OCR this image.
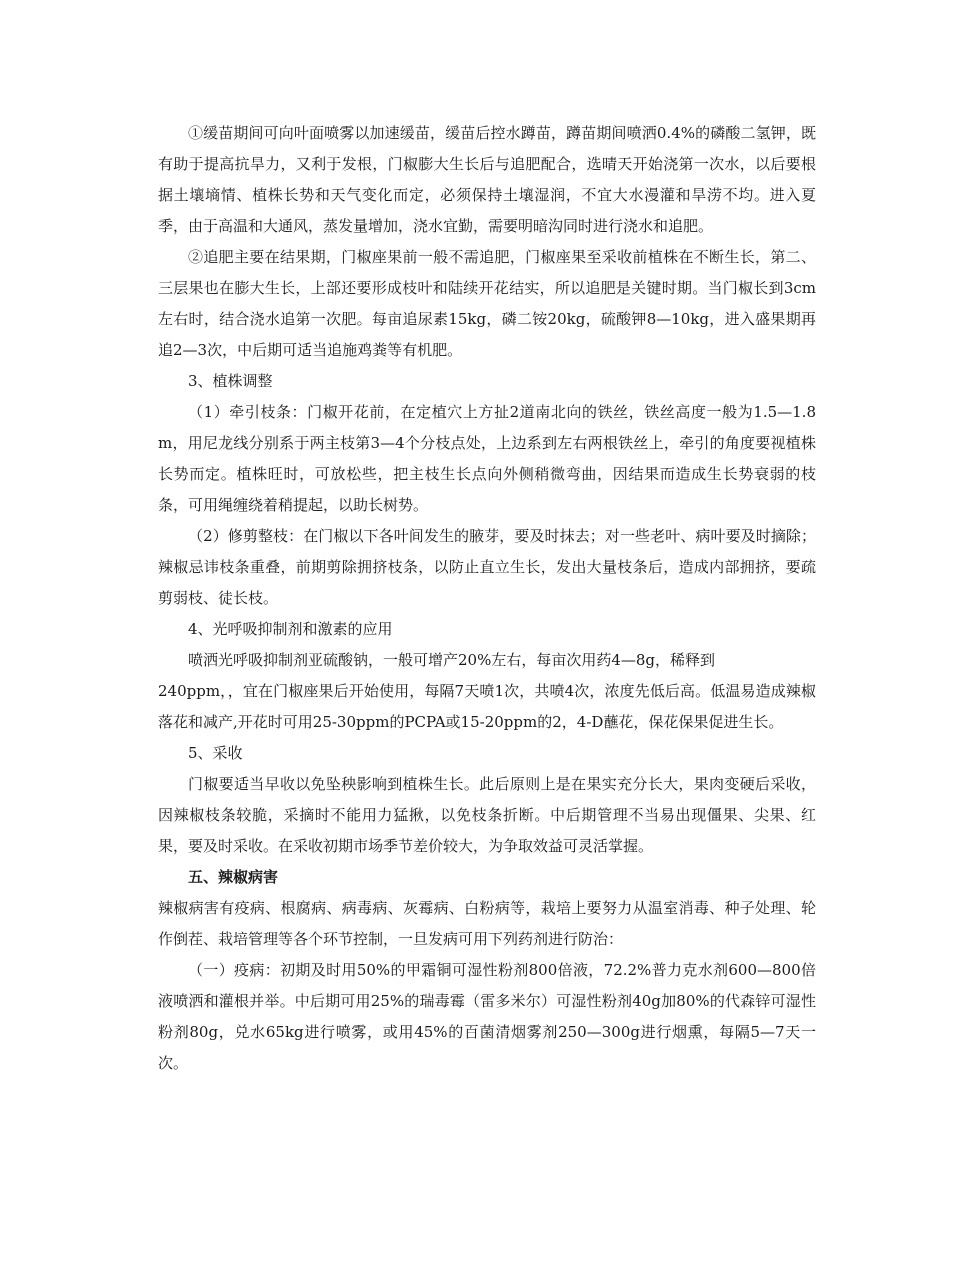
①缓苗期间可向叶面喷雾以加速缓苗，缓苗后控水蹲苗，蹲苗期间喷洒0.4%的磷酸二氢钾，既有助于提高抗旱力，又利于发根，门椒膨大生长后与追肥配合，选晴天开始浇第一次水，以后要根据土壤墒情、植株长势和天气变化而定，必须保持土壤湿润，不宜大水漫灌和旱涝不均。进入夏季，由于高温和大通风，蒸发量增加，浇水宜勤，需要明暗沟同时进行浇水和追肥。

②追肥主要在结果期，门椒座果前一般不需追肥，门椒座果至采收前植株在不断生长，第二、三层果也在膨大生长，上部还要形成枝叶和陆续开花结实，所以追肥是关键时期。当门椒长到3cm左右时，结合浇水追第一次肥。每亩追尿素15kg，磷二铵20kg，硫酸钾8—10kg，进入盛果期再追2—3次，中后期可适当追施鸡粪等有机肥。

3、植株调整

（1）牵引枝条：门椒开花前，在定植穴上方扯2道南北向的铁丝，铁丝高度一般为1.5—1.8m，用尼龙线分别系于两主枝第3—4个分枝点处，上边系到左右两根铁丝上，牵引的角度要视植株长势而定。植株旺时，可放松些，把主枝生长点向外侧稍微弯曲，因结果而造成生长势衰弱的枝条，可用绳缠绕着稍提起，以助长树势。

（2）修剪整枝：在门椒以下各叶间发生的腋芽，要及时抹去；对一些老叶、病叶要及时摘除；辣椒忌讳枝条重叠，前期剪除拥挤枝条，以防止直立生长，发出大量枝条后，造成内部拥挤，要疏剪弱枝、徒长枝。

4、光呼吸抑制剂和激素的应用

喷洒光呼吸抑制剂亚硫酸钠，一般可增产20%左右，每亩次用药4—8g，稀释到

240ppm，，宜在门椒座果后开始使用，每隔7天喷1次，共喷4次，浓度先低后高。低温易造成辣椒落花和减产,开花时可用25-30ppm的PCPA或15-20ppm的2，4-D蘸花，保花保果促进生长。

5、采收

门椒要适当早收以免坠秧影响到植株生长。此后原则上是在果实充分长大，果肉变硬后采收，因辣椒枝条较脆，采摘时不能用力猛揪，以免枝条折断。中后期管理不当易出现僵果、尖果、红果，要及时采收。在采收初期市场季节差价较大，为争取效益可灵活掌握。

五、辣椒病害

辣椒病害有疫病、根腐病、病毒病、灰霉病、白粉病等，栽培上要努力从温室消毒、种子处理、轮作倒茬、栽培管理等各个环节控制，一旦发病可用下列药剂进行防治：

（一）疫病：初期及时用50%的甲霜铜可湿性粉剂800倍液，72.2%普力克水剂600—800倍液喷洒和灌根并举。中后期可用25%的瑞毒霉（雷多米尔）可湿性粉剂40g加80%的代森锌可湿性粉剂80g，兑水65kg进行喷雾，或用45%的百菌清烟雾剂250—300g进行烟熏，每隔5—7天一次。
